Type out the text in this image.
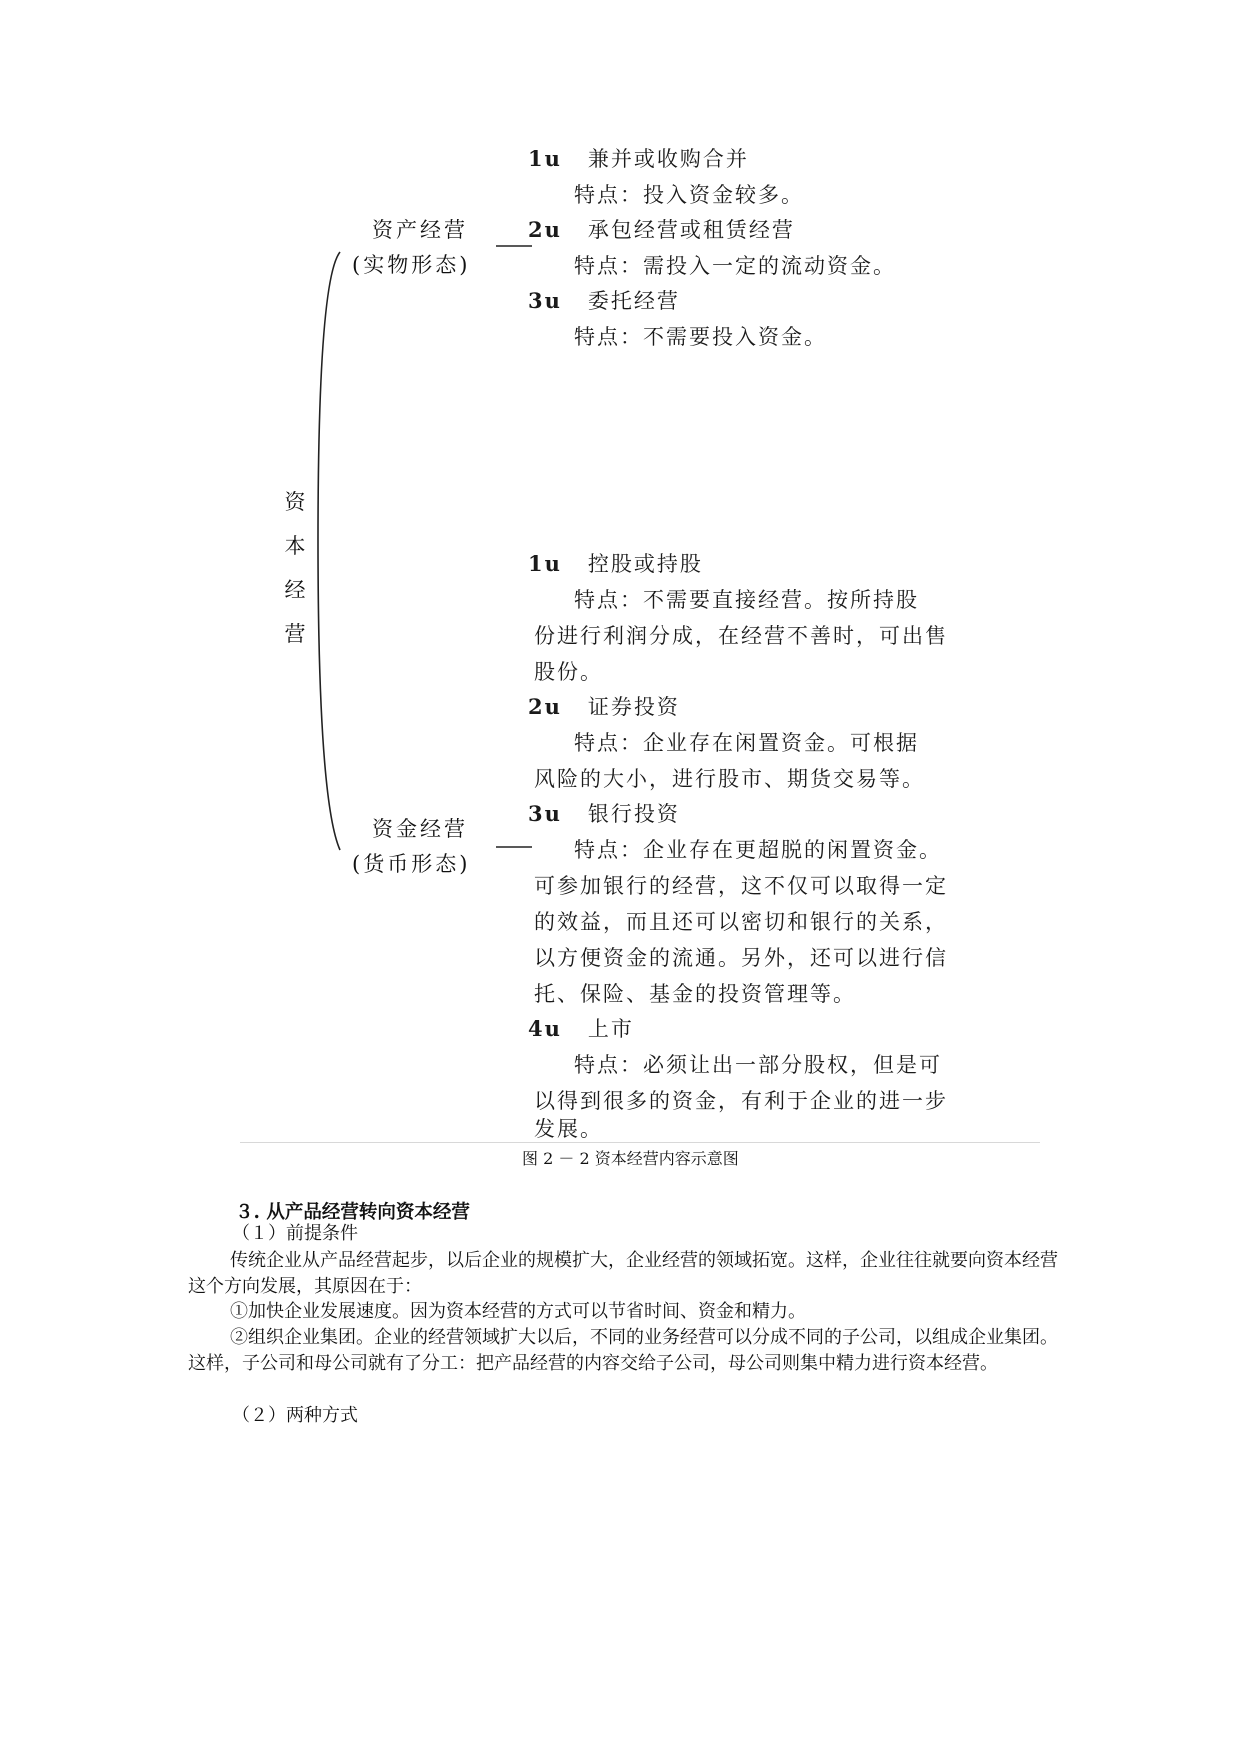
资
本
经
营
资产经营
(实物形态)
资金经营
(货币形态)
1u 兼并或收购合并
特点：投入资金较多。
2u 承包经营或租赁经营
特点：需投入一定的流动资金。
3u 委托经营
特点：不需要投入资金。
1u 控股或持股
特点：不需要直接经营。按所持股
份进行利润分成，在经营不善时，可出售
股份。
2u 证券投资
特点：企业存在闲置资金。可根据
风险的大小，进行股市、期货交易等。
3u 银行投资
特点：企业存在更超脱的闲置资金。
可参加银行的经营，这不仅可以取得一定
的效益，而且还可以密切和银行的关系，
以方便资金的流通。另外，还可以进行信
托、保险、基金的投资管理等。
4u 上市
特点：必须让出一部分股权，但是可
以得到很多的资金，有利于企业的进一步
发展。
图 2 － 2 资本经营内容示意图
３. 从产品经营转向资本经营
（１）前提条件
传统企业从产品经营起步，以后企业的规模扩大，企业经营的领域拓宽。这样，企业往往就要向资本经营这个方向发展，其原因在于：
①加快企业发展速度。因为资本经营的方式可以节省时间、资金和精力。
②组织企业集团。企业的经营领域扩大以后，不同的业务经营可以分成不同的子公司，以组成企业集团。这样，子公司和母公司就有了分工：把产品经营的内容交给子公司，母公司则集中精力进行资本经营。
（２）两种方式
